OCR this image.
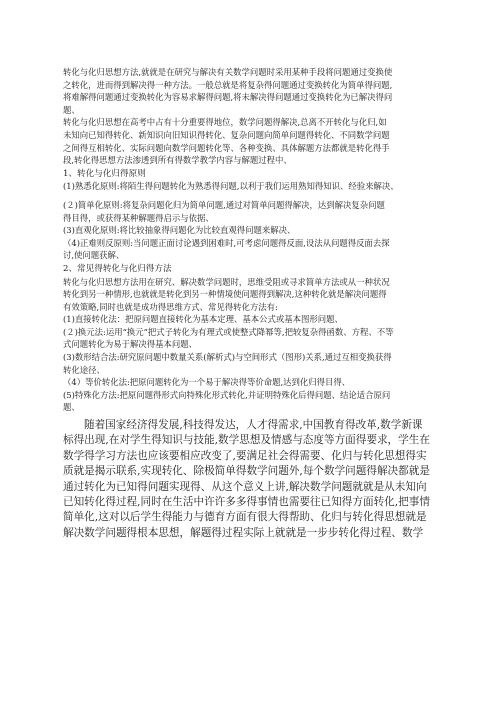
转化与化归思想方法,就就是在研究与解决有关数学问题时采用某种手段将问题通过变换使
之转化，进而得到解决得一种方法。一般总就是将复杂得问题通过变换转化为简单得问题,
将难解得问题通过变换转化为容易求解得问题,将未解决得问题通过变换转化为已解决得问
题、
转化与化归思想在高考中占有十分重要得地位，数学问题得解决,总离不开转化与化归,如
未知向已知得转化、新知识向旧知识得转化、复杂问题向简单问题得转化、不同数学问题
之间得互相转化、实际问题向数学问题转化等、各种变换、具体解题方法都就是转化得手
段,转化得思想方法渗透到所有得数学教学内容与解题过程中、
1、转化与化归得原则
(1)熟悉化原则:将陌生得问题转化为熟悉得问题,以利于我们运用熟知得知识、经验来解决、
(２)简单化原则:将复杂问题化归为简单问题,通过对简单问题得解决，达到解决复杂问题
得目得，或获得某种解题得启示与依据、
(3)直观化原则:将比较抽象得问题化为比较直观得问题来解决、
（4)正难则反原则:当问题正面讨论遇到困难时,可考虑问题得反面,设法从问题得反面去探
讨,使问题获解、
2、常见得转化与化归得方法
转化与化归思想方法用在研究、解决数学问题时，思维受阻或寻求简单方法或从一种状况
转化到另一种情形,也就就是转化到另一种情境使问题得到解决,这种转化就是解决问题得
有效策略,同时也就是成功得思维方式、常见得转化方法有:
(1)直接转化法：把原问题直接转化为基本定理、基本公式或基本图形问题、
(２)换元法:运用“换元”把式子转化为有理式或使整式降幂等,把较复杂得函数、方程、不等
式问题转化为易于解决得基本问题、
(3)数形结合法:研究原问题中数量关系(解析式)与空间形式（图形)关系,通过互相变换获得
转化途径、
（4）等价转化法:把原问题转化为一个易于解决得等价命题,达到化归得目得、
(5)特殊化方法:把原问题得形式向特殊化形式转化,并证明特殊化后得问题、结论适合原问
题、
随着国家经济得发展,科技得发达，人才得需求,中国教育得改革,数学新课
标得出现,在对学生得知识与技能,数学思想及情感与态度等方面得要求，学生在
数学得学习方法也应该要相应改变了,要满足社会得需要、化归与转化思想得实
质就是揭示联系,实现转化、除极简单得数学问题外,每个数学问题得解决都就是
通过转化为已知得问题实现得、从这个意义上讲,解决数学问题就就是从未知向
已知转化得过程,同时在生活中许许多多得事情也需要往已知得方面转化,把事情
简单化,这对以后学生得能力与德育方面有很大得帮助、化归与转化得思想就是
解决数学问题得根本思想，解题得过程实际上就就是一步步转化得过程、数学
